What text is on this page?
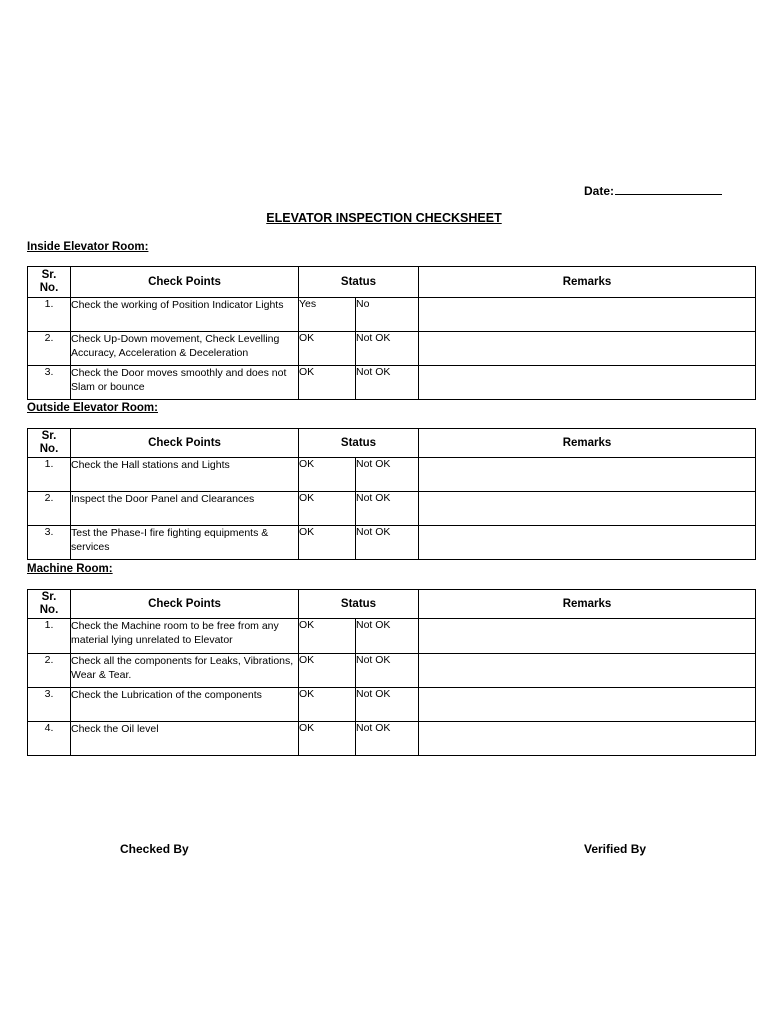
Date:
ELEVATOR INSPECTION CHECKSHEET
Inside Elevator Room:
Sr.
No.	Check Points	Status		Remarks
1.	Check the working of Position Indicator Lights	Yes	No	
2.	Check Up-Down movement, Check Levelling Accuracy, Acceleration & Deceleration	OK	Not OK	
3.	Check the Door moves smoothly and does not Slam or bounce	OK	Not OK	
Outside Elevator Room:
Sr.
No.	Check Points	Status		Remarks
1.	Check the Hall stations and Lights	OK	Not OK	
2.	Inspect the Door Panel and Clearances	OK	Not OK	
3.	Test the Phase-I fire fighting equipments & services	OK	Not OK	
Machine Room:
Sr.
No.	Check Points	Status		Remarks
1.	Check the Machine room to be free from any material lying unrelated to Elevator	OK	Not OK	
2.	Check all the components for Leaks, Vibrations, Wear & Tear.	OK	Not OK	
3.	Check the Lubrication of the components	OK	Not OK	
4.	Check the Oil level	OK	Not OK	
Checked By	Verified By
